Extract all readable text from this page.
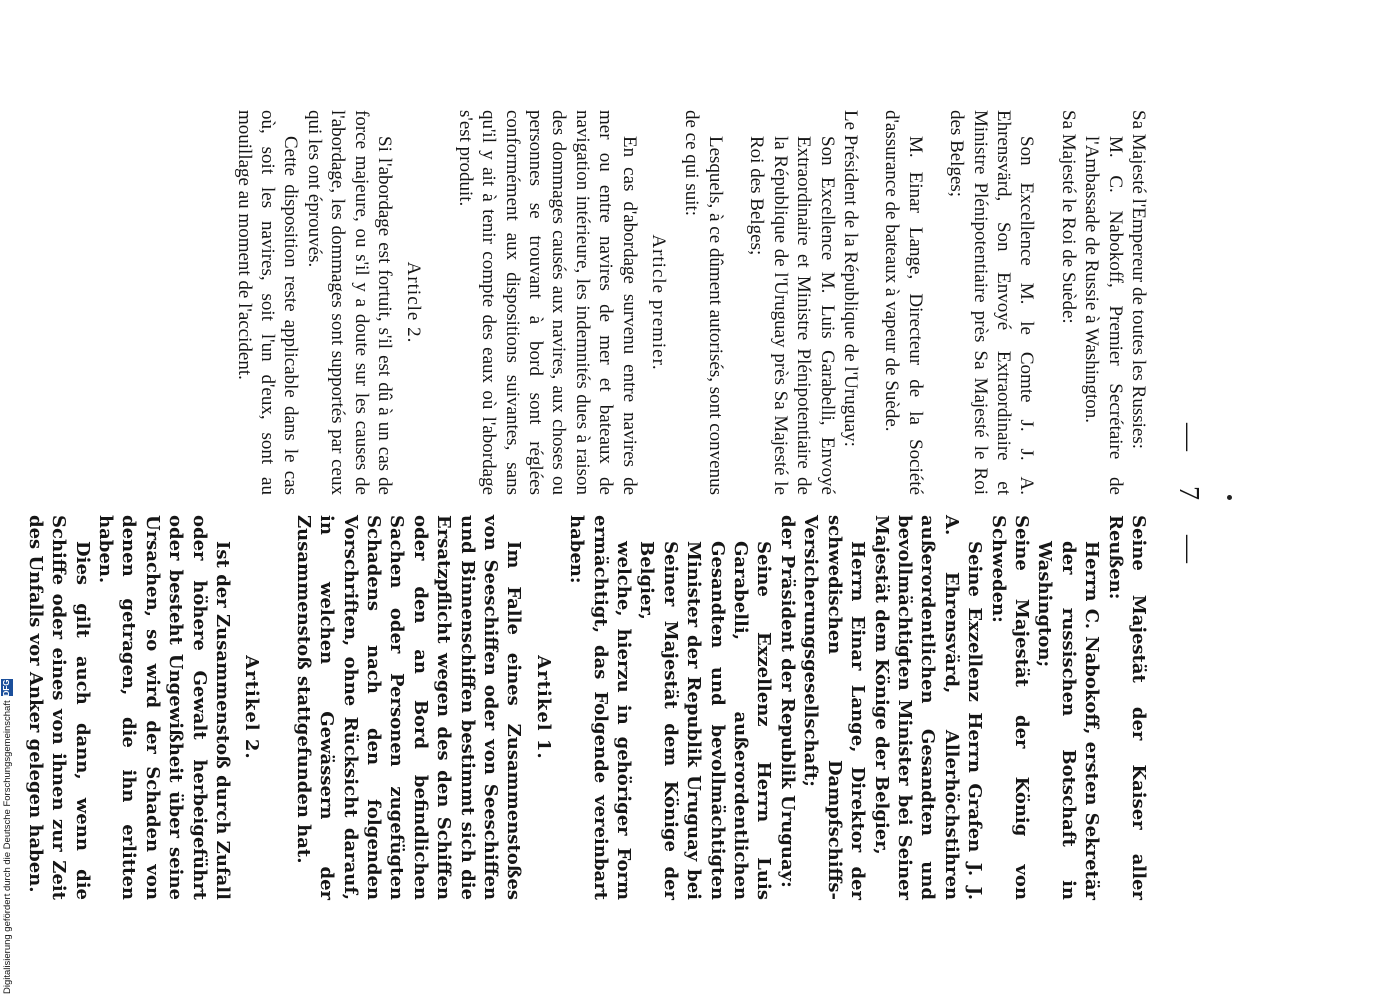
— 7 —

Sa Majesté l'Empereur de toutes les Russies:

M. C. Nabokoff, Premier Secrétaire de l'Ambassade de Russie à Washington.

Sa Majesté le Roi de Suède:

Son Excellence M. le Comte J. J. A. Ehrensvärd, Son Envoyé Extraordinaire et Ministre Plénipotentiaire près Sa Majesté le Roi des Belges;

M. Einar Lange, Directeur de la Société d'assurance de bateaux à vapeur de Suède.

Le Président de la République de l'Uruguay:

Son Excellence M. Luis Garabelli, Envoyé Extraordinaire et Ministre Plénipotentiaire de la République de l'Uruguay près Sa Majesté le Roi des Belges;

Lesquels, à ce dûment autorisés, sont convenus de ce qui suit:

Article premier.

En cas d'abordage survenu entre navires de mer ou entre navires de mer et bateaux de navigation intérieure, les indemnités dues à raison des dommages causés aux navires, aux choses ou personnes se trouvant à bord sont réglées conformément aux dispositions suivantes, sans qu'il y ait à tenir compte des eaux où l'abordage s'est produit.

Article 2.

Si l'abordage est fortuit, s'il est dû à un cas de force majeure, ou s'il y a doute sur les causes de l'abordage, les dommages sont supportés par ceux qui les ont éprouvés.

Cette disposition reste applicable dans le cas où, soit les navires, soit l'un d'eux, sont au mouillage au moment de l'accident.

Seine Majestät der Kaiser aller Reußen:

Herrn C. Nabokoff, ersten Sekretär der russischen Botschaft in Washington;

Seine Majestät der König von Schweden:

Seine Exzellenz Herrn Grafen J. J. A. Ehrensvärd, Allerhöchstihren außerordentlichen Gesandten und bevollmächtigten Minister bei Seiner Majestät dem Könige der Belgier,

Herrn Einar Lange, Direktor der schwedischen Dampfschiffs-Versicherungsgesellschaft;

der Präsident der Republik Uruguay:

Seine Exzellenz Herrn Luis Garabelli, außerordentlichen Gesandten und bevollmächtigten Minister der Republik Uruguay bei Seiner Majestät dem Könige der Belgier,

welche, hierzu in gehöriger Form ermächtigt, das Folgende vereinbart haben:

Artikel 1.

Im Falle eines Zusammenstoßes von Seeschiffen oder von Seeschiffen und Binnenschiffen bestimmt sich die Ersatzpflicht wegen des den Schiffen oder den an Bord befindlichen Sachen oder Personen zugefügten Schadens nach den folgenden Vorschriften, ohne Rücksicht darauf, in welchen Gewässern der Zusammenstoß stattgefunden hat.

Artikel 2.

Ist der Zusammenstoß durch Zufall oder höhere Gewalt herbeigeführt oder besteht Ungewißheit über seine Ursachen, so wird der Schaden von denen getragen, die ihn erlitten haben.

Dies gilt auch dann, wenn die Schiffe oder eines von ihnen zur Zeit des Unfalls vor Anker gelegen haben.

Digitalisierung gefördert durch die Deutsche Forschungsgemeinschaft
DFG
